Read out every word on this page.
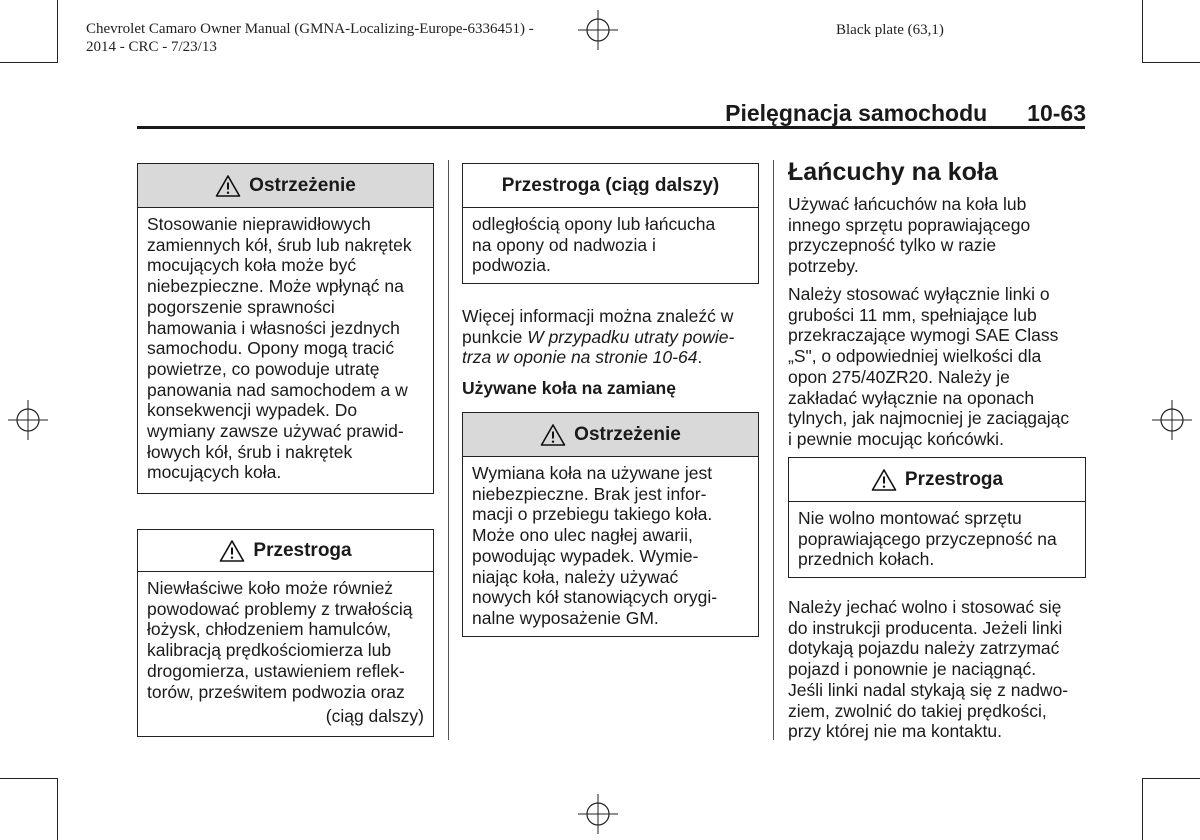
Chevrolet Camaro Owner Manual (GMNA-Localizing-Europe-6336451) -
2014 - CRC - 7/23/13
Black plate (63,1)
Pielęgnacja samochodu 10-63
Ostrzeżenie
Stosowanie nieprawidłowych
zamiennych kół, śrub lub nakrętek
mocujących koła może być
niebezpieczne. Może wpłynąć na
pogorszenie sprawności
hamowania i własności jezdnych
samochodu. Opony mogą tracić
powietrze, co powoduje utratę
panowania nad samochodem a w
konsekwencji wypadek. Do
wymiany zawsze używać prawid-
łowych kół, śrub i nakrętek
mocujących koła.
Przestroga
Niewłaściwe koło może również
powodować problemy z trwałością
łożysk, chłodzeniem hamulców,
kalibracją prędkościomierza lub
drogomierza, ustawieniem reflek-
torów, prześwitem podwozia oraz
(ciąg dalszy)
Przestroga (ciąg dalszy)
odległością opony lub łańcucha
na opony od nadwozia i
podwozia.
Więcej informacji można znaleźć w
punkcie W przypadku utraty powie-
trza w oponie na stronie 10-64.
Używane koła na zamianę
Ostrzeżenie
Wymiana koła na używane jest
niebezpieczne. Brak jest infor-
macji o przebiegu takiego koła.
Może ono ulec nagłej awarii,
powodując wypadek. Wymie-
niając koła, należy używać
nowych kół stanowiących orygi-
nalne wyposażenie GM.
Łańcuchy na koła
Używać łańcuchów na koła lub
innego sprzętu poprawiającego
przyczepność tylko w razie
potrzeby.
Należy stosować wyłącznie linki o
grubości 11 mm, spełniające lub
przekraczające wymogi SAE Class
„S", o odpowiedniej wielkości dla
opon 275/40ZR20. Należy je
zakładać wyłącznie na oponach
tylnych, jak najmocniej je zaciągając
i pewnie mocując końcówki.
Przestroga
Nie wolno montować sprzętu
poprawiającego przyczepność na
przednich kołach.
Należy jechać wolno i stosować się
do instrukcji producenta. Jeżeli linki
dotykają pojazdu należy zatrzymać
pojazd i ponownie je naciągnąć.
Jeśli linki nadal stykają się z nadwo-
ziem, zwolnić do takiej prędkości,
przy której nie ma kontaktu.
